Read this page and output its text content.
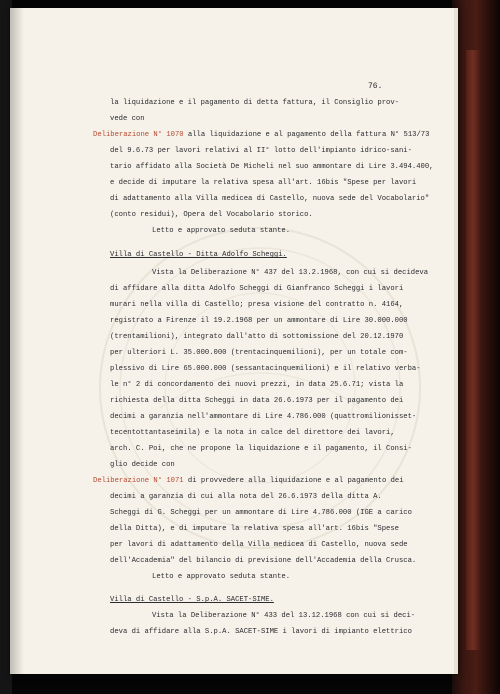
76.
la liquidazione e il pagamento di detta fattura, il Consiglio prov-
vede con
Deliberazione N° 1070 alla liquidazione e al pagamento della fattura N° 513/73
del 9.6.73 per lavori relativi al II° lotto dell'impianto idrico-sani-
tario affidato alla Società De Micheli nel suo ammontare di Lire 3.494.400,
e decide di imputare la relativa spesa all'art. 16bis "Spese per lavori
di adattamento alla Villa medicea di Castello, nuova sede del Vocabolario"
(conto residui), Opera del Vocabolario storico.
Letto e approvato seduta stante.
Villa di Castello - Ditta Adolfo Scheggi.
Vista la Deliberazione N° 437 del 13.2.1968, con cui si decideva
di affidare alla ditta Adolfo Scheggi di Gianfranco Scheggi i lavori
murari nella villa di Castello; presa visione del contratto n. 4164,
registrato a Firenze il 19.2.1968 per un ammontare di Lire 30.000.000
(trentamilioni), integrato dall'atto di sottomissione del 20.12.1970
per ulteriori L. 35.000.000 (trentacinquemilioni), per un totale com-
plessivo di Lire 65.000.000 (sessantacinquemilioni) e il relativo verba-
le n° 2 di concordamento dei nuovi prezzi, in data 25.6.71; vista la
richiesta della ditta Scheggi in data 26.6.1973 per il pagamento dei
decimi a garanzia nell'ammontare di Lire 4.786.000 (quattromilionisset-
tecentottantaseimila) e la nota in calce del direttore dei lavori,
arch. C. Poi, che ne propone la liquidazione e il pagamento, il Consi-
glio decide con
Deliberazione N° 1071 di provvedere alla liquidazione e al pagamento dei
decimi a garanzia di cui alla nota del 26.6.1973 della ditta A.
Scheggi di G. Scheggi per un ammontare di Lire 4.786.000 (IGE a carico
della Ditta), e di imputare la relativa spesa all'art. 16bis "Spese
per lavori di adattamento della Villa medicea di Castello, nuova sede
dell'Accademia" del bilancio di previsione dell'Accademia della Crusca.
Letto e approvato seduta stante.
Villa di Castello - S.p.A. SACET-SIME.
Vista la Deliberazione N° 433 del 13.12.1968 con cui si deci-
deva di affidare alla S.p.A. SACET-SIME i lavori di impianto elettrico
